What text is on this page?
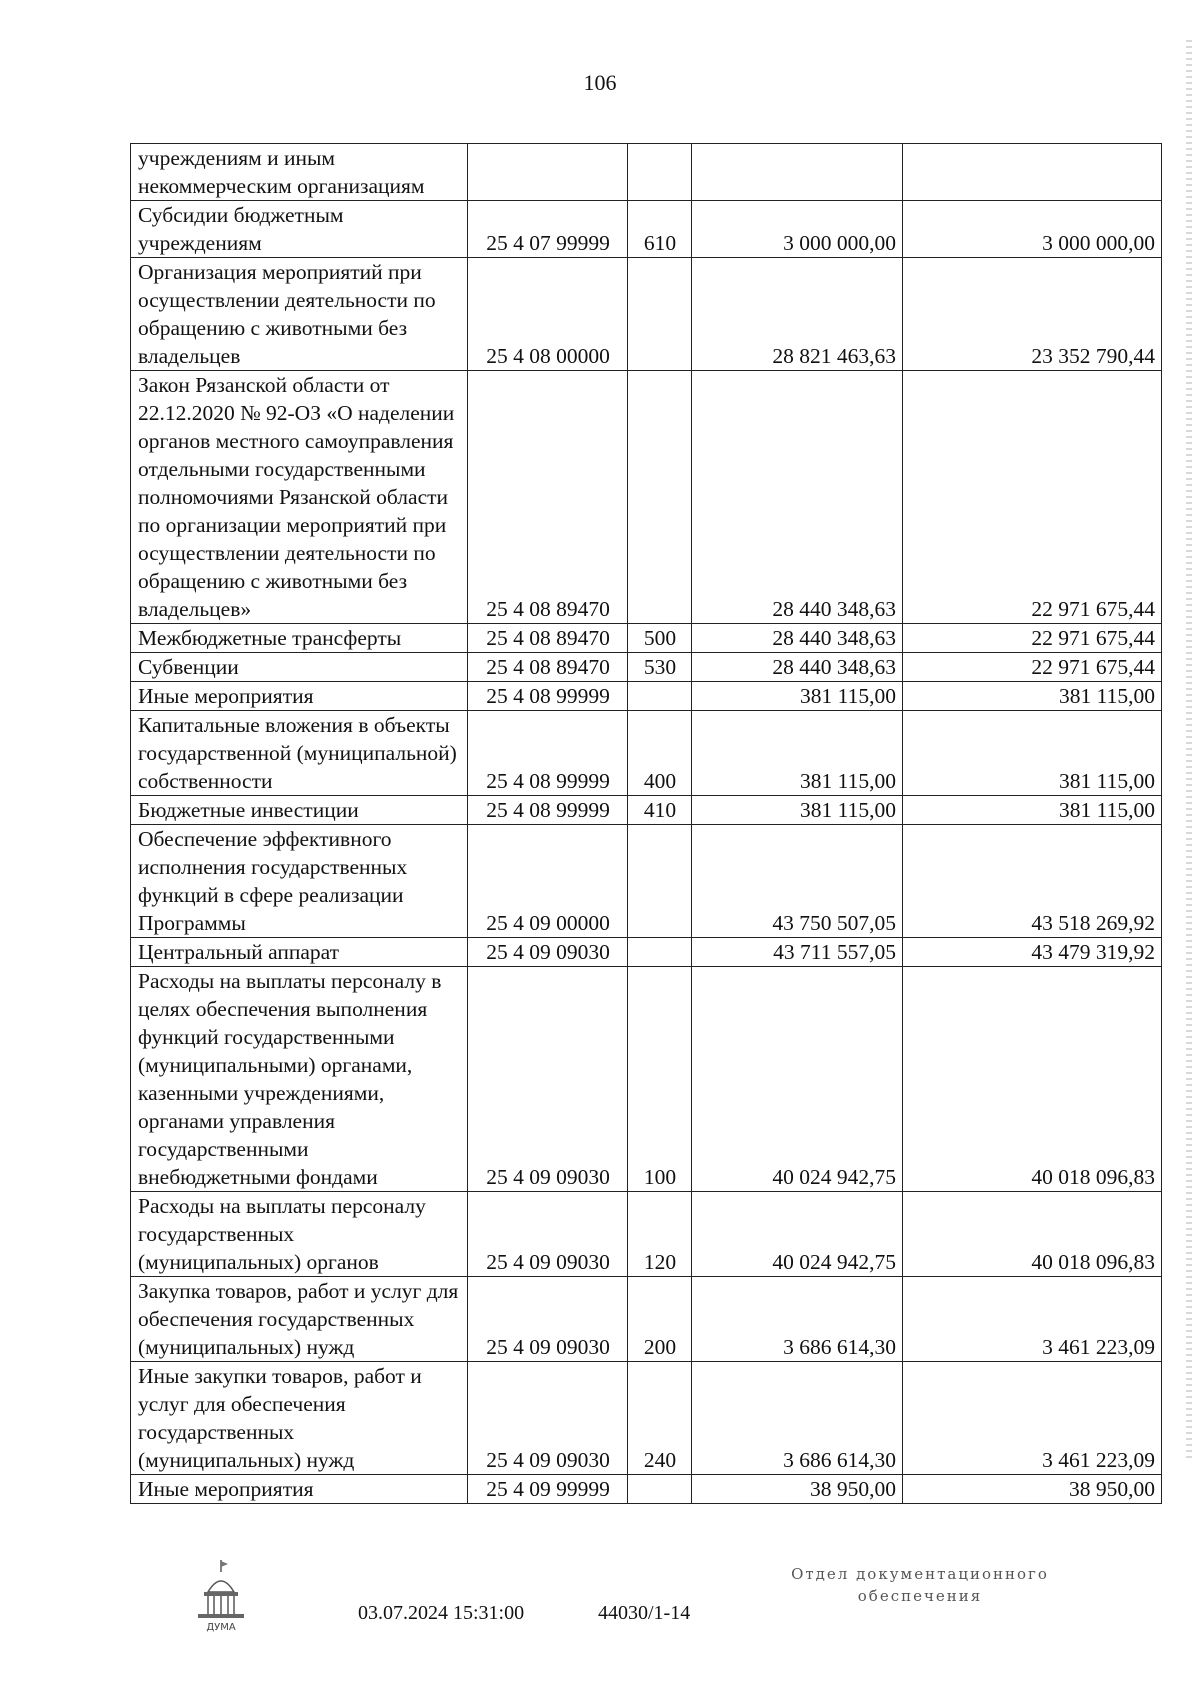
106
учреждениям и иным некоммерческим организациям				
Субсидии бюджетным учреждениям	25 4 07 99999	610	3 000 000,00	3 000 000,00
Организация мероприятий при осуществлении деятельности по обращению с животными без владельцев	25 4 08 00000		28 821 463,63	23 352 790,44
Закон Рязанской области от 22.12.2020 № 92-ОЗ «О наделении органов местного самоуправления отдельными государственными полномочиями Рязанской области по организации мероприятий при осуществлении деятельности по обращению с животными без владельцев»	25 4 08 89470		28 440 348,63	22 971 675,44
Межбюджетные трансферты	25 4 08 89470	500	28 440 348,63	22 971 675,44
Субвенции	25 4 08 89470	530	28 440 348,63	22 971 675,44
Иные мероприятия	25 4 08 99999		381 115,00	381 115,00
Капитальные вложения в объекты государственной (муниципальной) собственности	25 4 08 99999	400	381 115,00	381 115,00
Бюджетные инвестиции	25 4 08 99999	410	381 115,00	381 115,00
Обеспечение эффективного исполнения государственных функций в сфере реализации Программы	25 4 09 00000		43 750 507,05	43 518 269,92
Центральный аппарат	25 4 09 09030		43 711 557,05	43 479 319,92
Расходы на выплаты персоналу в целях обеспечения выполнения функций государственными (муниципальными) органами, казенными учреждениями, органами управления государственными внебюджетными фондами	25 4 09 09030	100	40 024 942,75	40 018 096,83
Расходы на выплаты персоналу государственных (муниципальных) органов	25 4 09 09030	120	40 024 942,75	40 018 096,83
Закупка товаров, работ и услуг для обеспечения государственных (муниципальных) нужд	25 4 09 09030	200	3 686 614,30	3 461 223,09
Иные закупки товаров, работ и услуг для обеспечения государственных (муниципальных) нужд	25 4 09 09030	240	3 686 614,30	3 461 223,09
Иные мероприятия	25 4 09 99999		38 950,00	38 950,00
ДУМА
03.07.2024 15:31:00	44030/1-14
Отдел документационного
обеспечения
